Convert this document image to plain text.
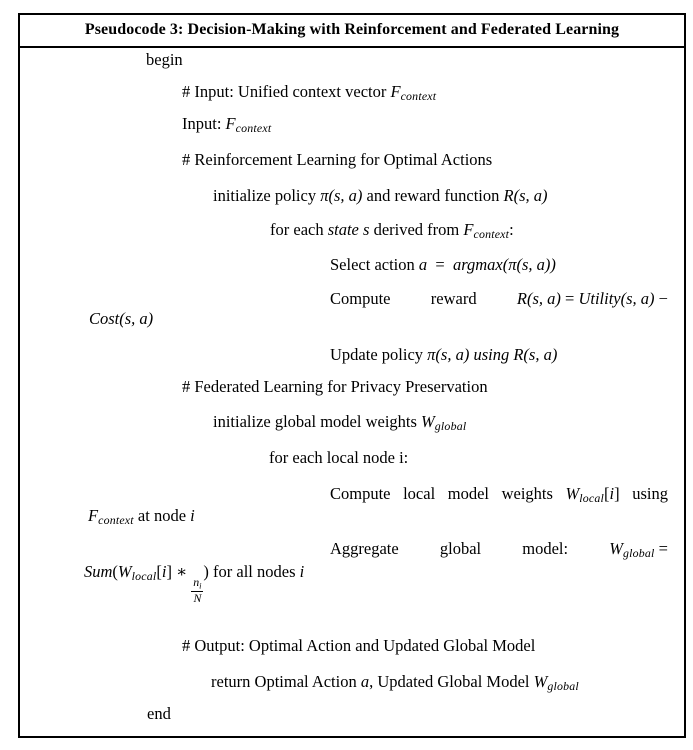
Pseudocode 3: Decision-Making with Reinforcement and Federated Learning
begin
# Input: Unified context vector $F_{context}$
Input: $F_{context}$
# Reinforcement Learning for Optimal Actions
initialize policy π(s, a) and reward function R(s, a)
for each state s derived from $F_{context}$:
Select action a  =  argmax(π(s, a))
Compute reward R(s, a) = Utility(s, a) −
Cost(s, a)
Update policy π(s, a) using R(s, a)
# Federated Learning for Privacy Preservation
initialize global model weights $W_{global}$
for each local node i:
Compute local model weights $W_{local}[i]$ using
$F_{context}$ at node i
Aggregate global model: $W_{global}$ =
$Sum(W_{local}[i]$ ∗
$\frac{n_i}{N}$
) for all nodes i
# Output: Optimal Action and Updated Global Model
return Optimal Action a, Updated Global Model $W_{global}$
end
